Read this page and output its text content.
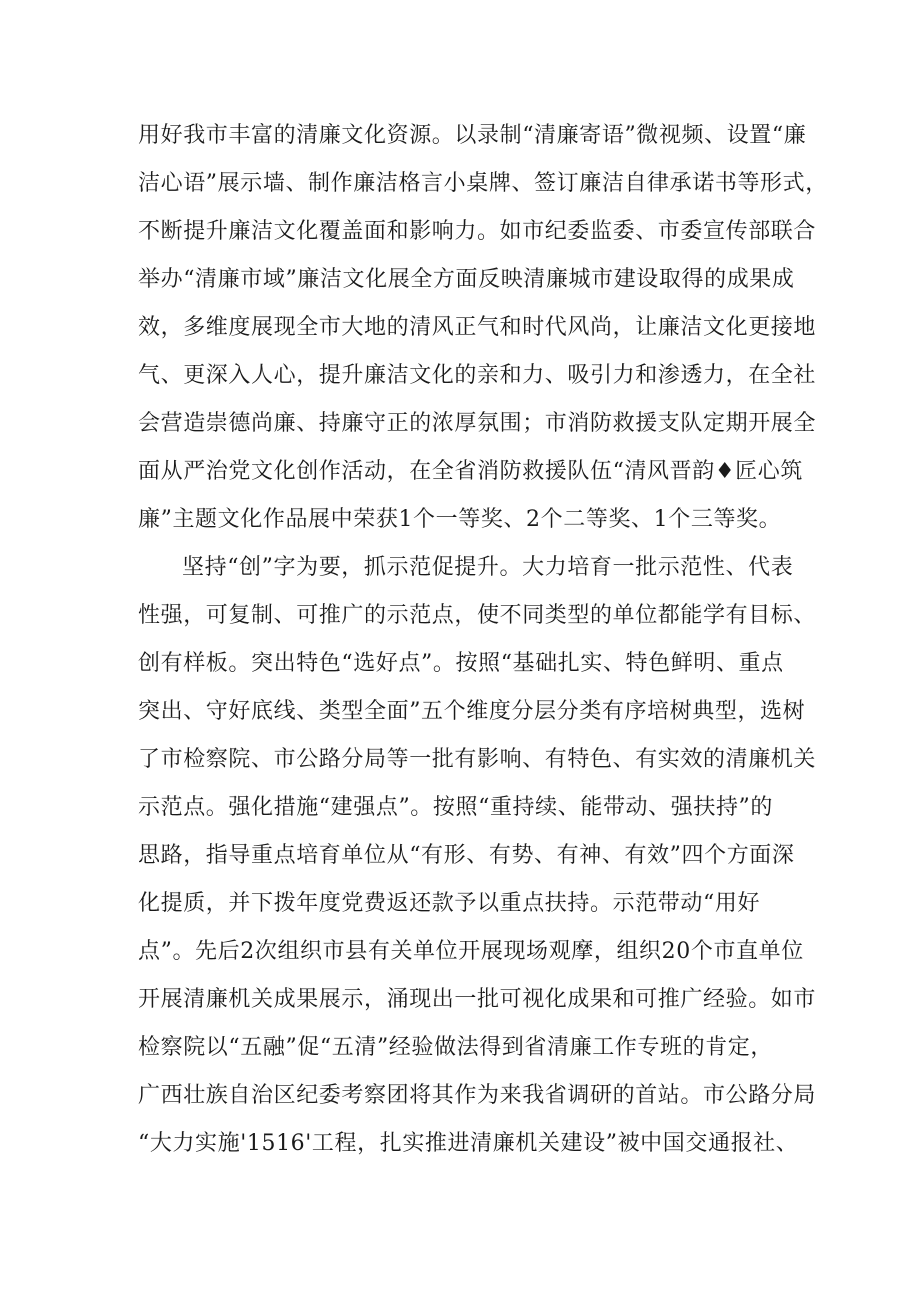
用好我市丰富的清廉文化资源。以录制“清廉寄语”微视频、设置“廉
洁心语”展示墙、制作廉洁格言小桌牌、签订廉洁自律承诺书等形式，
不断提升廉洁文化覆盖面和影响力。如市纪委监委、市委宣传部联合
举办“清廉市域”廉洁文化展全方面反映清廉城市建设取得的成果成
效，多维度展现全市大地的清风正气和时代风尚，让廉洁文化更接地
气、更深入人心，提升廉洁文化的亲和力、吸引力和渗透力，在全社
会营造崇德尚廉、持廉守正的浓厚氛围；市消防救援支队定期开展全
面从严治党文化创作活动，在全省消防救援队伍“清风晋韵♦匠心筑
廉”主题文化作品展中荣获1个一等奖、2个二等奖、1个三等奖。
坚持“创”字为要，抓示范促提升。大力培育一批示范性、代表
性强，可复制、可推广的示范点，使不同类型的单位都能学有目标、
创有样板。突出特色“选好点”。按照“基础扎实、特色鲜明、重点
突出、守好底线、类型全面”五个维度分层分类有序培树典型，选树
了市检察院、市公路分局等一批有影响、有特色、有实效的清廉机关
示范点。强化措施“建强点”。按照“重持续、能带动、强扶持”的
思路，指导重点培育单位从“有形、有势、有神、有效”四个方面深
化提质，并下拨年度党费返还款予以重点扶持。示范带动“用好
点”。先后2次组织市县有关单位开展现场观摩，组织20个市直单位
开展清廉机关成果展示，涌现出一批可视化成果和可推广经验。如市
检察院以“五融”促“五清”经验做法得到省清廉工作专班的肯定，
广西壮族自治区纪委考察团将其作为来我省调研的首站。市公路分局
“大力实施'1516'工程，扎实推进清廉机关建设”被中国交通报社、
